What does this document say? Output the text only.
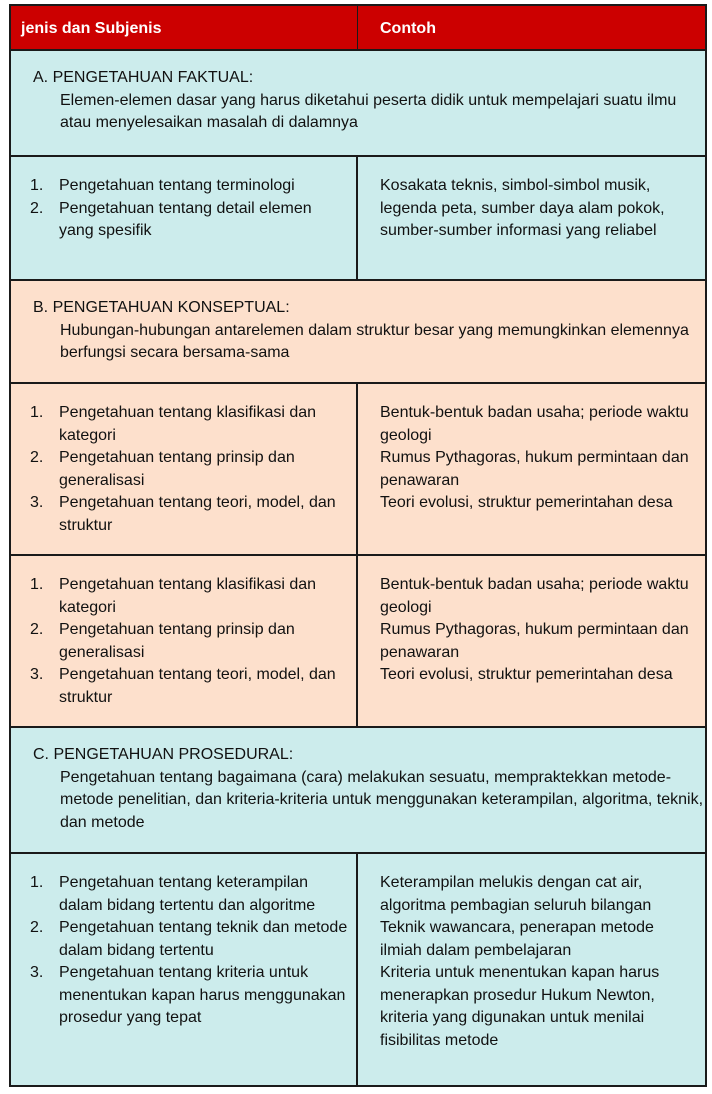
jenis dan Subjenis	Contoh
A. PENGETAHUAN FAKTUAL:
Elemen-elemen dasar yang harus diketahui peserta didik untuk mempelajari suatu ilmu atau menyelesaikan masalah di dalamnya
1. Pengetahuan tentang terminologi
2. Pengetahuan tentang detail elemen yang spesifik
Kosakata teknis, simbol-simbol musik, legenda peta, sumber daya alam pokok, sumber-sumber informasi yang reliabel
B. PENGETAHUAN KONSEPTUAL:
Hubungan-hubungan antarelemen dalam struktur besar yang memungkinkan elemennya berfungsi secara bersama-sama
1. Pengetahuan tentang klasifikasi dan kategori
2. Pengetahuan tentang prinsip dan generalisasi
3. Pengetahuan tentang teori, model, dan struktur
Bentuk-bentuk badan usaha; periode waktu geologi
Rumus Pythagoras, hukum permintaan dan penawaran
Teori evolusi, struktur pemerintahan desa
1. Pengetahuan tentang klasifikasi dan kategori
2. Pengetahuan tentang prinsip dan generalisasi
3. Pengetahuan tentang teori, model, dan struktur
Bentuk-bentuk badan usaha; periode waktu geologi
Rumus Pythagoras, hukum permintaan dan penawaran
Teori evolusi, struktur pemerintahan desa
C. PENGETAHUAN PROSEDURAL:
Pengetahuan tentang bagaimana (cara) melakukan sesuatu, mempraktekkan metode-metode penelitian, dan kriteria-kriteria untuk menggunakan keterampilan, algoritma, teknik, dan metode
1. Pengetahuan tentang keterampilan dalam bidang tertentu dan algoritme
2. Pengetahuan tentang teknik dan metode dalam bidang tertentu
3. Pengetahuan tentang kriteria untuk menentukan kapan harus menggunakan prosedur yang tepat
Keterampilan melukis dengan cat air, algoritma pembagian seluruh bilangan
Teknik wawancara, penerapan metode ilmiah dalam pembelajaran
Kriteria untuk menentukan kapan harus menerapkan prosedur Hukum Newton, kriteria yang digunakan untuk menilai fisibilitas metode
